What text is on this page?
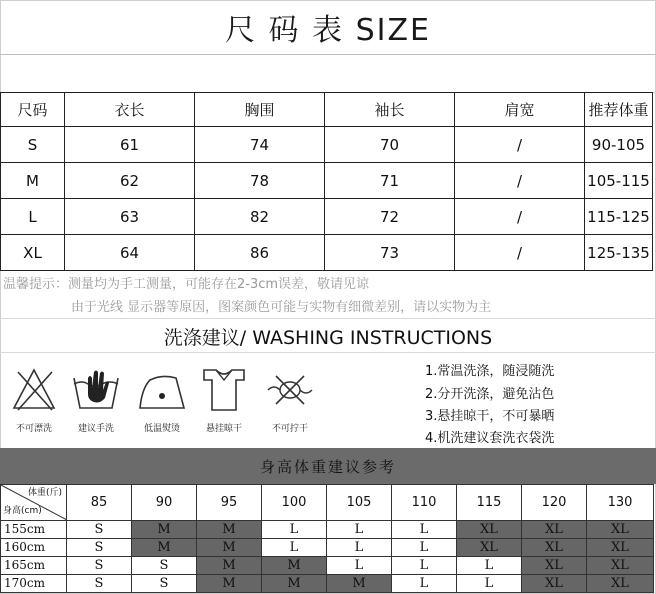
尺 码 表 SIZE
尺码	衣长	胸围	袖长	肩宽	推荐体重
S	61	74	70	/	90-105
M	62	78	71	/	105-115
L	63	82	72	/	115-125
XL	64	86	73	/	125-135
温馨提示：测量均为手工测量，可能存在2-3cm误差，敬请见谅
由于光线 显示器等原因，图案颜色可能与实物有细微差别，请以实物为主
洗涤建议/ WASHING INSTRUCTIONS
不可漂洗	建议手洗	低温熨烫	悬挂晾干	不可拧干
1.常温洗涤，随浸随洗
2.分开洗涤，避免沾色
3.悬挂晾干，不可暴晒
4.机洗建议套洗衣袋洗
身高体重建议参考
体重(斤)
身高(cm)	85	90	95	100	105	110	115	120	130
155cm	S	M	M	L	L	L	XL	XL	XL
160cm	S	M	M	L	L	L	XL	XL	XL
165cm	S	S	M	M	L	L	L	XL	XL
170cm	S	S	M	M	M	L	L	XL	XL
